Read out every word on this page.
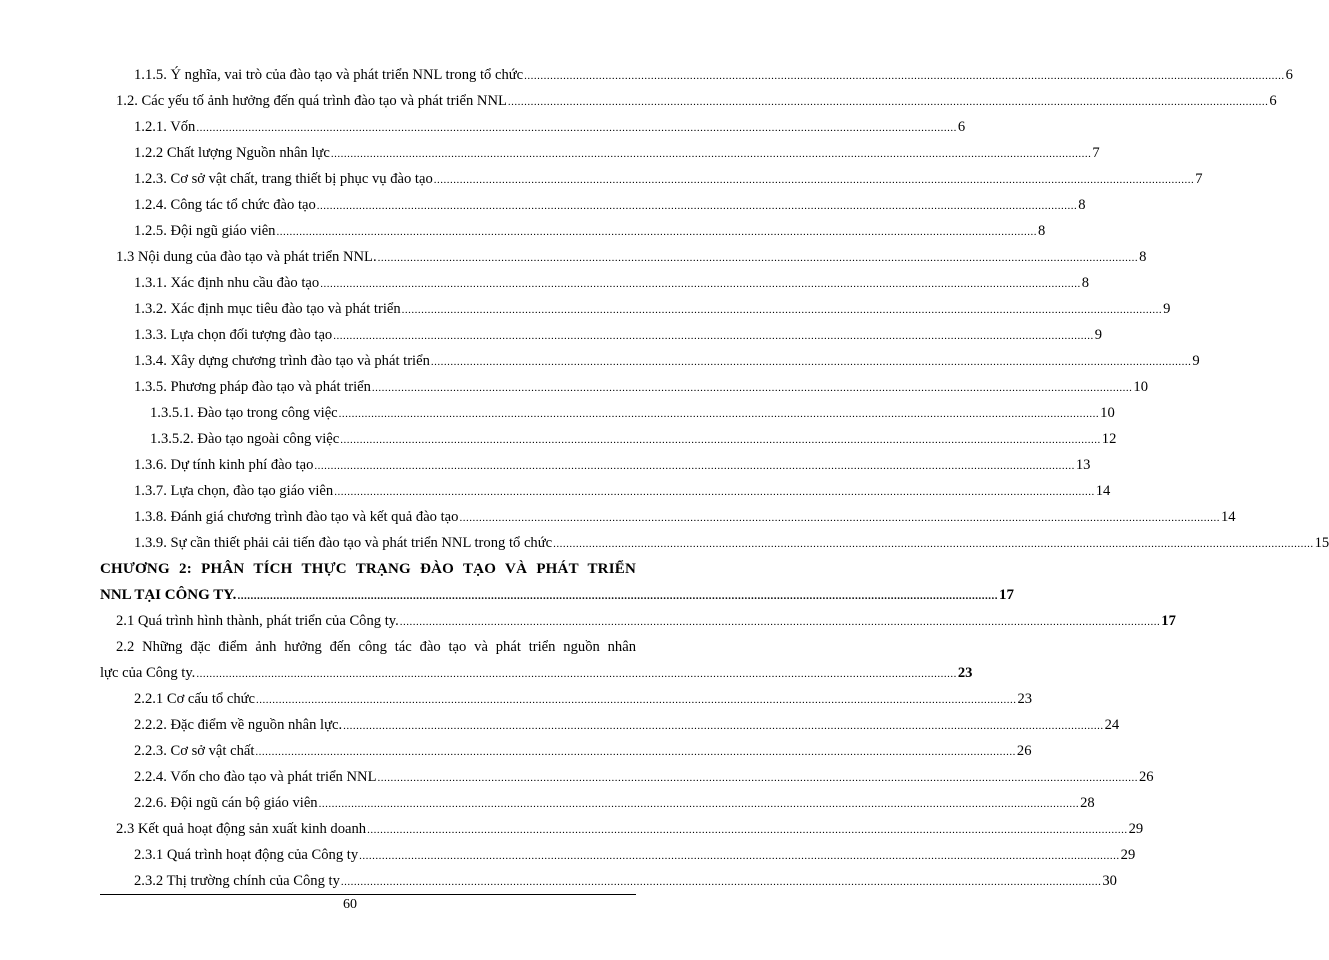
1.1.5. Ý nghĩa, vai trò của đào tạo và phát triển NNL trong tổ chức .....	6
1.2. Các yếu tố ảnh hưởng đến quá trình đào tạo và phát triển NNL .....	6
1.2.1. Vốn .....	6
1.2.2 Chất lượng Nguồn nhân lực .....	7
1.2.3. Cơ sở vật chất, trang thiết bị phục vụ đào tạo .....	7
1.2.4. Công tác tổ chức đào tạo .....	8
1.2.5. Đội ngũ giáo viên .....	8
1.3 Nội dung của đào tạo và phát triển NNL. .....	8
1.3.1. Xác định nhu cầu đào tạo .....	8
1.3.2. Xác định mục tiêu đào tạo và phát triển .....	9
1.3.3. Lựa chọn đối tượng đào tạo .....	9
1.3.4. Xây dựng chương trình đào tạo và phát triển .....	9
1.3.5. Phương pháp đào tạo và phát triển .....	10
1.3.5.1. Đào tạo trong công việc .....	10
1.3.5.2. Đào tạo ngoài công việc .....	12
1.3.6. Dự tính kinh phí đào tạo .....	13
1.3.7. Lựa chọn, đào tạo giáo viên .....	14
1.3.8. Đánh giá chương trình đào tạo và kết quả đào tạo .....	14
1.3.9. Sự cần thiết phải cải tiến đào tạo và phát triển NNL trong tổ chức .....	15
CHƯƠNG 2: PHÂN TÍCH THỰC TRẠNG ĐÀO TẠO VÀ PHÁT TRIỂN
NNL TẠI CÔNG TY. .....	17
2.1 Quá trình hình thành, phát triển của Công ty. .....	17
2.2 Những đặc điểm ảnh hưởng đến công tác đào tạo và phát triển nguồn nhân
lực của Công ty. .....	23
2.2.1 Cơ cấu tổ chức .....	23
2.2.2. Đặc điểm về nguồn nhân lực. .....	24
2.2.3. Cơ sở vật chất .....	26
2.2.4. Vốn cho đào tạo và phát triển NNL .....	26
2.2.6. Đội ngũ cán bộ giáo viên .....	28
2.3 Kết quả hoạt động sản xuất kinh doanh .....	29
2.3.1 Quá trình hoạt động của Công ty .....	29
2.3.2 Thị trường chính của Công ty .....	30
60
